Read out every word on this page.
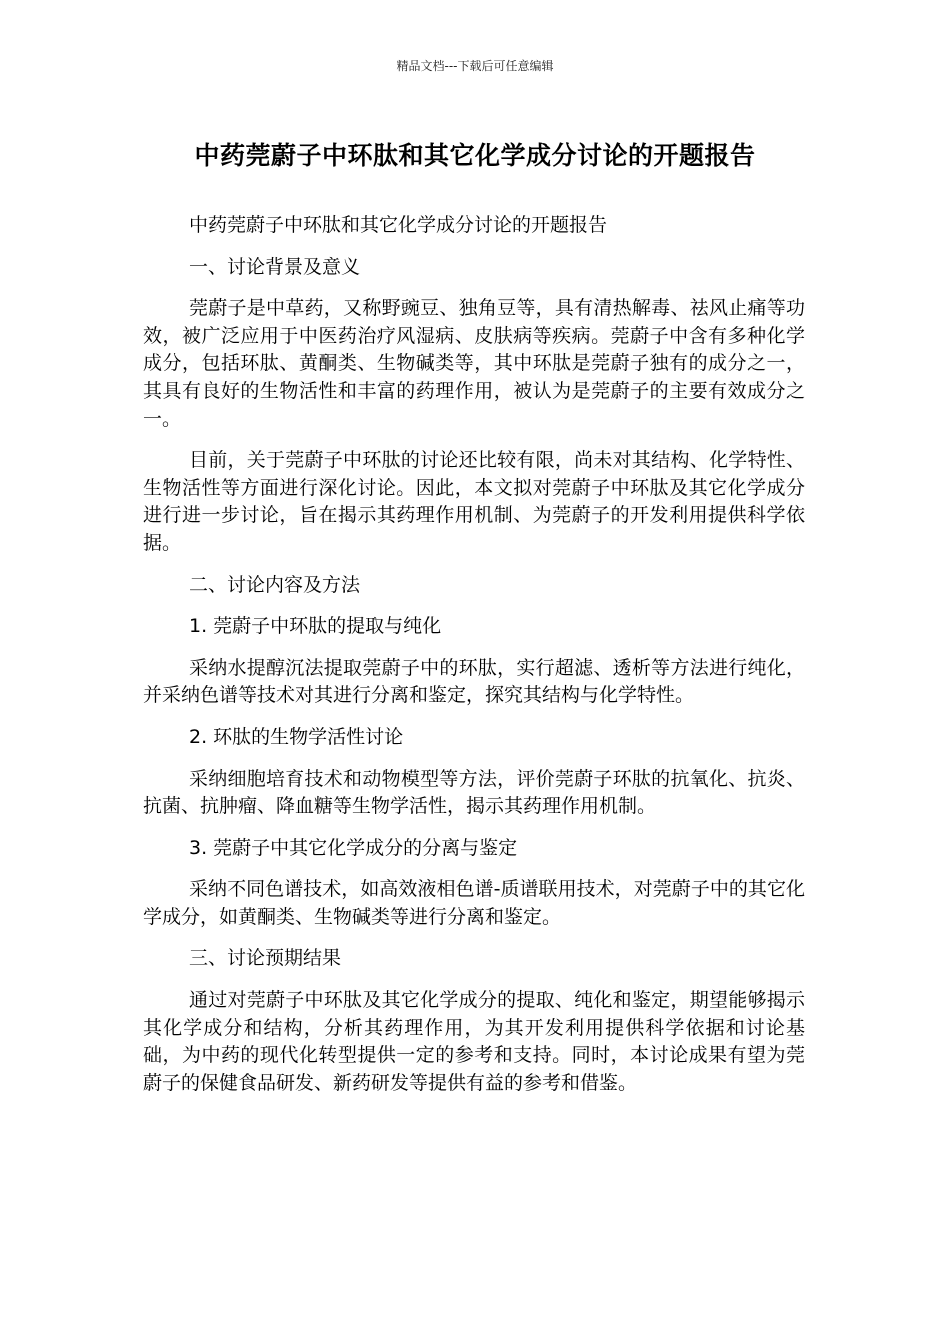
精品文档---下载后可任意编辑
中药莞蔚子中环肽和其它化学成分讨论的开题报告

中药莞蔚子中环肽和其它化学成分讨论的开题报告

一、讨论背景及意义

莞蔚子是中草药，又称野豌豆、独角豆等，具有清热解毒、祛风止痛等功效，被广泛应用于中医药治疗风湿病、皮肤病等疾病。莞蔚子中含有多种化学成分，包括环肽、黄酮类、生物碱类等，其中环肽是莞蔚子独有的成分之一，其具有良好的生物活性和丰富的药理作用，被认为是莞蔚子的主要有效成分之一。

目前，关于莞蔚子中环肽的讨论还比较有限，尚未对其结构、化学特性、生物活性等方面进行深化讨论。因此，本文拟对莞蔚子中环肽及其它化学成分进行进一步讨论，旨在揭示其药理作用机制、为莞蔚子的开发利用提供科学依据。

二、讨论内容及方法

1. 莞蔚子中环肽的提取与纯化

采纳水提醇沉法提取莞蔚子中的环肽，实行超滤、透析等方法进行纯化，并采纳色谱等技术对其进行分离和鉴定，探究其结构与化学特性。

2. 环肽的生物学活性讨论

采纳细胞培育技术和动物模型等方法，评价莞蔚子环肽的抗氧化、抗炎、抗菌、抗肿瘤、降血糖等生物学活性，揭示其药理作用机制。

3. 莞蔚子中其它化学成分的分离与鉴定

采纳不同色谱技术，如高效液相色谱-质谱联用技术，对莞蔚子中的其它化学成分，如黄酮类、生物碱类等进行分离和鉴定。

三、讨论预期结果

通过对莞蔚子中环肽及其它化学成分的提取、纯化和鉴定，期望能够揭示其化学成分和结构，分析其药理作用，为其开发利用提供科学依据和讨论基础，为中药的现代化转型提供一定的参考和支持。同时，本讨论成果有望为莞蔚子的保健食品研发、新药研发等提供有益的参考和借鉴。
